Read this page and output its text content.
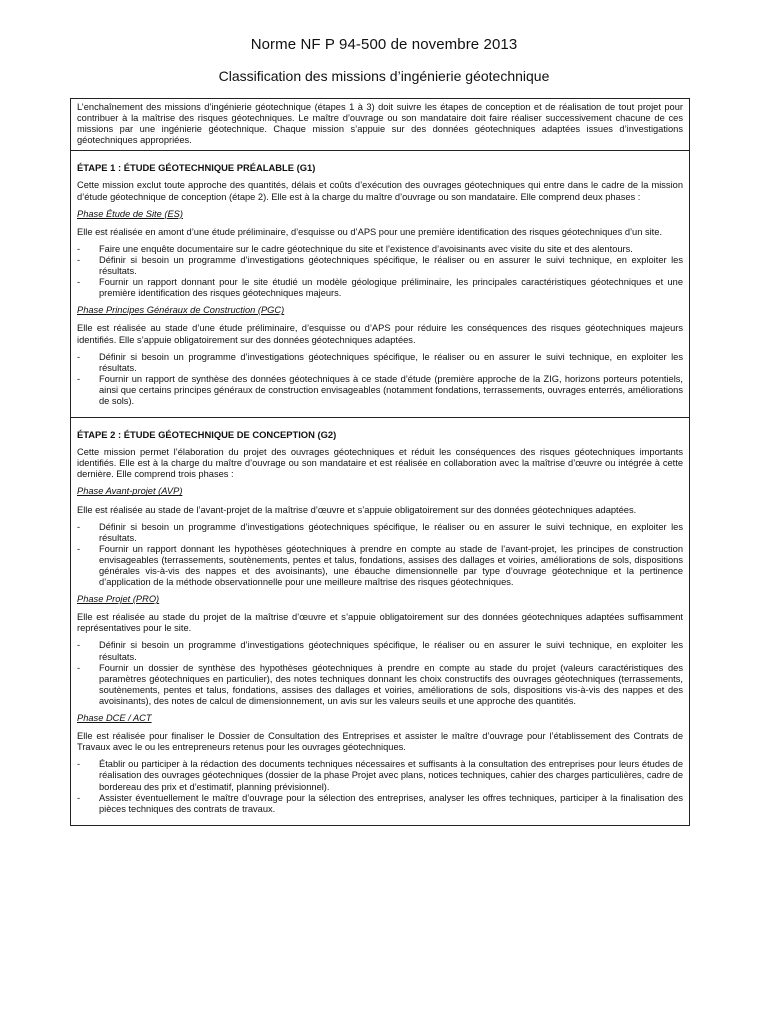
Norme NF P 94-500 de novembre 2013
Classification des missions d’ingénierie géotechnique

L’enchaînement des missions d’ingénierie géotechnique (étapes 1 à 3) doit suivre les étapes de conception et de réalisation de tout projet pour contribuer à la maîtrise des risques géotechniques. Le maître d’ouvrage ou son mandataire doit faire réaliser successivement chacune de ces missions par une ingénierie géotechnique. Chaque mission s’appuie sur des données géotechniques adaptées issues d’investigations géotechniques appropriées.

ÉTAPE 1 : ÉTUDE GÉOTECHNIQUE PRÉALABLE (G1)

Cette mission exclut toute approche des quantités, délais et coûts d’exécution des ouvrages géotechniques qui entre dans le cadre de la mission d’étude géotechnique de conception (étape 2). Elle est à la charge du maître d’ouvrage ou son mandataire. Elle comprend deux phases :

Phase Étude de Site (ES)

Elle est réalisée en amont d’une étude préliminaire, d’esquisse ou d’APS pour une première identification des risques géotechniques d’un site.

- Faire une enquête documentaire sur le cadre géotechnique du site et l’existence d’avoisinants avec visite du site et des alentours.
- Définir si besoin un programme d’investigations géotechniques spécifique, le réaliser ou en assurer le suivi technique, en exploiter les résultats.
- Fournir un rapport donnant pour le site étudié un modèle géologique préliminaire, les principales caractéristiques géotechniques et une première identification des risques géotechniques majeurs.
Phase Principes Généraux de Construction (PGC)

Elle est réalisée au stade d’une étude préliminaire, d’esquisse ou d’APS pour réduire les conséquences des risques géotechniques majeurs identifiés. Elle s’appuie obligatoirement sur des données géotechniques adaptées.

- Définir si besoin un programme d’investigations géotechniques spécifique, le réaliser ou en assurer le suivi technique, en exploiter les résultats.
- Fournir un rapport de synthèse des données géotechniques à ce stade d’étude (première approche de la ZIG, horizons porteurs potentiels, ainsi que certains principes généraux de construction envisageables (notamment fondations, terrassements, ouvrages enterrés, améliorations de sols).
ÉTAPE 2 : ÉTUDE GÉOTECHNIQUE DE CONCEPTION (G2)

Cette mission permet l’élaboration du projet des ouvrages géotechniques et réduit les conséquences des risques géotechniques importants identifiés. Elle est à la charge du maître d’ouvrage ou son mandataire et est réalisée en collaboration avec la maîtrise d’œuvre ou intégrée à cette dernière. Elle comprend trois phases :

Phase Avant-projet (AVP)

Elle est réalisée au stade de l’avant-projet de la maîtrise d’œuvre et s’appuie obligatoirement sur des données géotechniques adaptées.

- Définir si besoin un programme d’investigations géotechniques spécifique, le réaliser ou en assurer le suivi technique, en exploiter les résultats.
- Fournir un rapport donnant les hypothèses géotechniques à prendre en compte au stade de l’avant-projet, les principes de construction envisageables (terrassements, soutènements, pentes et talus, fondations, assises des dallages et voiries, améliorations de sols, dispositions générales vis-à-vis des nappes et des avoisinants), une ébauche dimensionnelle par type d’ouvrage géotechnique et la pertinence d’application de la méthode observationnelle pour une meilleure maîtrise des risques géotechniques.
Phase Projet (PRO)

Elle est réalisée au stade du projet de la maîtrise d’œuvre et s’appuie obligatoirement sur des données géotechniques adaptées suffisamment représentatives pour le site.

- Définir si besoin un programme d’investigations géotechniques spécifique, le réaliser ou en assurer le suivi technique, en exploiter les résultats.
- Fournir un dossier de synthèse des hypothèses géotechniques à prendre en compte au stade du projet (valeurs caractéristiques des paramètres géotechniques en particulier), des notes techniques donnant les choix constructifs des ouvrages géotechniques (terrassements, soutènements, pentes et talus, fondations, assises des dallages et voiries, améliorations de sols, dispositions vis-à-vis des nappes et des avoisinants), des notes de calcul de dimensionnement, un avis sur les valeurs seuils et une approche des quantités.
Phase DCE / ACT

Elle est réalisée pour finaliser le Dossier de Consultation des Entreprises et assister le maître d’ouvrage pour l’établissement des Contrats de Travaux avec le ou les entrepreneurs retenus pour les ouvrages géotechniques.

- Établir ou participer à la rédaction des documents techniques nécessaires et suffisants à la consultation des entreprises pour leurs études de réalisation des ouvrages géotechniques (dossier de la phase Projet avec plans, notices techniques, cahier des charges particulières, cadre de bordereau des prix et d’estimatif, planning prévisionnel).
- Assister éventuellement le maître d’ouvrage pour la sélection des entreprises, analyser les offres techniques, participer à la finalisation des pièces techniques des contrats de travaux.
